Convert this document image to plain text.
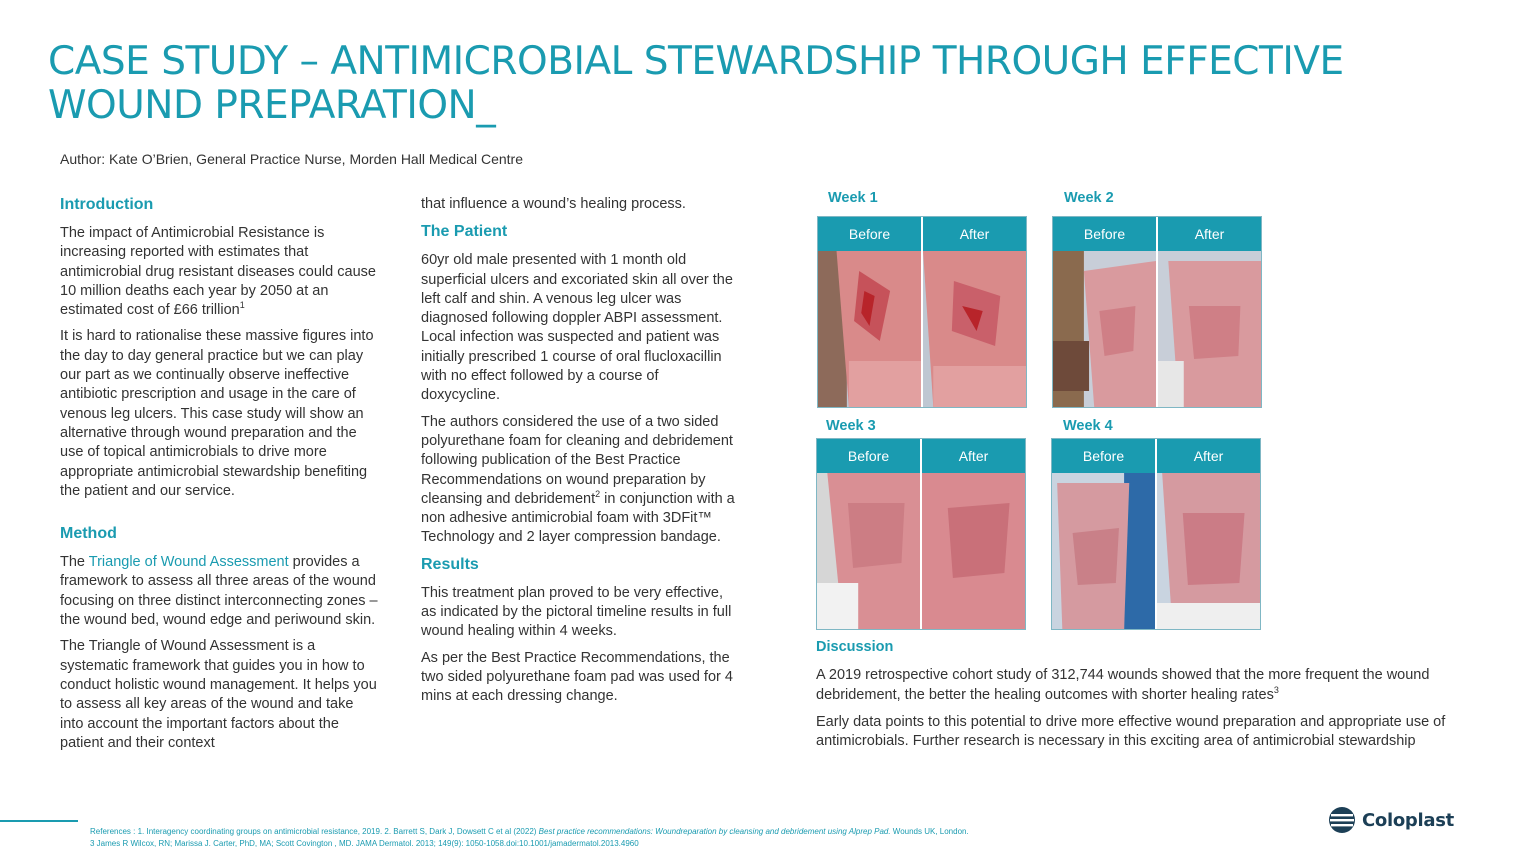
CASE STUDY – ANTIMICROBIAL STEWARDSHIP THROUGH EFFECTIVE
WOUND PREPARATION_
Author: Kate O’Brien, General Practice Nurse, Morden Hall Medical Centre
Introduction

The impact of Antimicrobial Resistance is increasing reported with estimates that antimicrobial drug resistant diseases could cause 10 million deaths each year by 2050 at an estimated cost of £66 trillion$^1$

It is hard to rationalise these massive figures into the day to day general practice but we can play our part as we continually observe ineffective antibiotic prescription and usage in the care of venous leg ulcers. This case study will show an alternative through wound preparation and the use of topical antimicrobials to drive more appropriate antimicrobial stewardship benefiting the patient and our service.

Method

The Triangle of Wound Assessment provides a framework to assess all three areas of the wound focusing on three distinct interconnecting zones – the wound bed, wound edge and periwound skin.

The Triangle of Wound Assessment is a systematic framework that guides you in how to conduct holistic wound management. It helps you to assess all key areas of the wound and take into account the important factors about the patient and their context

that influence a wound’s healing process.

The Patient

60yr old male presented with 1 month old superficial ulcers and excoriated skin all over the left calf and shin. A venous leg ulcer was diagnosed following doppler ABPI assessment. Local infection was suspected and patient was initially prescribed 1 course of oral flucloxacillin with no effect followed by a course of doxycycline.

The authors considered the use of a two sided polyurethane foam for cleaning and debridement following publication of the Best Practice Recommendations on wound preparation by cleansing and debridement$^2$ in conjunction with a non adhesive antimicrobial foam with 3DFit™ Technology and 2 layer compression bandage.

Results

This treatment plan proved to be very effective, as indicated by the pictoral timeline results in full wound healing within 4 weeks.

As per the Best Practice Recommendations, the two sided polyurethane foam pad was used for 4 mins at each dressing change.

Week 1
Before	After
Week 2
Before	After
Week 3
Before	After
Week 4
Before	After
Discussion

A 2019 retrospective cohort study of 312,744 wounds showed that the more frequent the wound debridement, the better the healing outcomes with shorter healing rates$^3$

Early data points to this potential to drive more effective wound preparation and appropriate use of antimicrobials. Further research is necessary in this exciting area of antimicrobial stewardship

References : 1. Interagency coordinating groups on antimicrobial resistance, 2019. 2. Barrett S, Dark J, Dowsett C et al (2022) Best practice recommendations: Woundreparation by cleansing and debridement using Alprep Pad. Wounds UK, London.
3 James R Wilcox, RN; Marissa J. Carter, PhD, MA; Scott Covington , MD. JAMA Dermatol. 2013; 149(9): 1050-1058.doi:10.1001/jamadermatol.2013.4960
Coloplast
